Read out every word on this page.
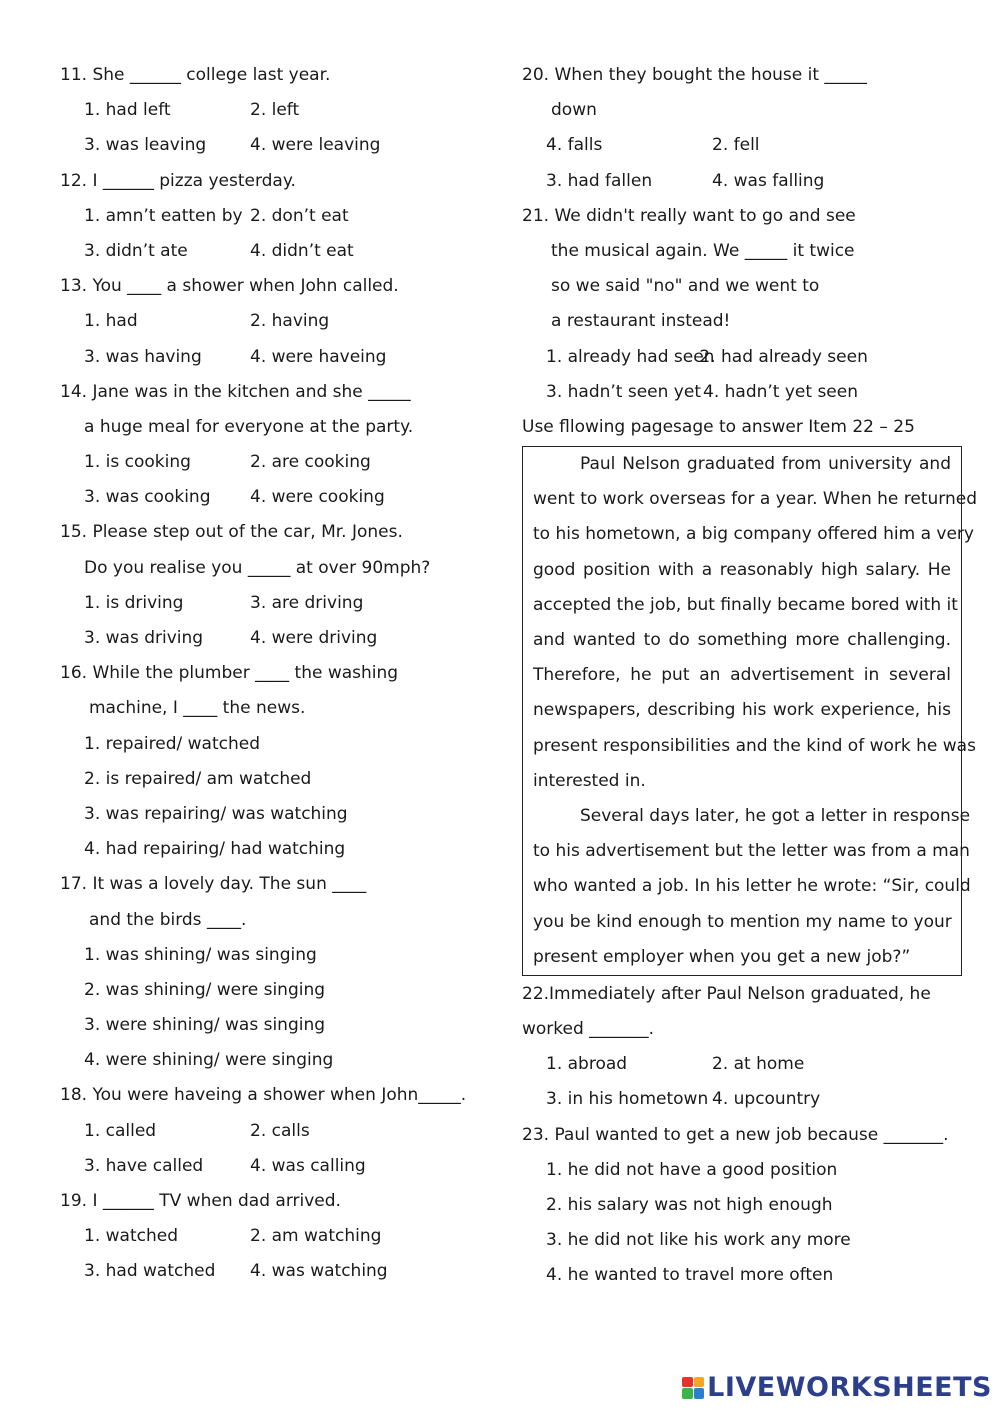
11. She ______ college last year.
1. had left	2. left
3. was leaving	4. were leaving
12. I ______ pizza yesterday.
1. amn’t eatten by 2. don’t eat
3. didn’t ate	4. didn’t eat
13. You ____ a shower when John called.
1. had	2. having
3. was having	4. were haveing
14. Jane was in the kitchen and she _____
a huge meal for everyone at the party.
1. is cooking	2. are cooking
3. was cooking 4. were cooking
15. Please step out of the car, Mr. Jones.
Do you realise you _____ at over 90mph?
1. is driving	3. are driving
3. was driving	4. were driving
16. While the plumber ____ the washing
machine, I ____ the news.
1. repaired/ watched
2. is repaired/ am watched
3. was repairing/ was watching
4. had repairing/ had watching
17. It was a lovely day. The sun ____
and the birds ____.
1. was shining/ was singing
2. was shining/ were singing
3. were shining/ was singing
4. were shining/ were singing
18. You were haveing a shower when John_____.
1. called	2. calls
3. have called	4. was calling
19. I ______ TV when dad arrived.
1. watched	2. am watching
3. had watched 4. was watching
20. When they bought the house it _____
down
4. falls	2. fell
3. had fallen	4. was falling
21. We didn't really want to go and see
the musical again. We _____ it twice
so we said "no" and we went to
a restaurant instead!
1. already had seen 2. had already seen
3. hadn’t seen yet 4. hadn’t yet seen
Use fllowing pagesage to answer Item 22 – 25
Paul Nelson graduated from university and
went to work overseas for a year. When he returned
to his hometown, a big company offered him a very
good position with a reasonably high salary. He
accepted the job, but finally became bored with it
and wanted to do something more challenging.
Therefore, he put an advertisement in several
newspapers, describing his work experience, his
present responsibilities and the kind of work he was
interested in.
Several days later, he got a letter in response
to his advertisement but the letter was from a man
who wanted a job. In his letter he wrote: “Sir, could
you be kind enough to mention my name to your
present employer when you get a new job?”
22.Immediately after Paul Nelson graduated, he
worked _______.
1. abroad	2. at home
3. in his hometown 4. upcountry
23. Paul wanted to get a new job because _______.
1. he did not have a good position
2. his salary was not high enough
3. he did not like his work any more
4. he wanted to travel more often
LIVEWORKSHEETS
